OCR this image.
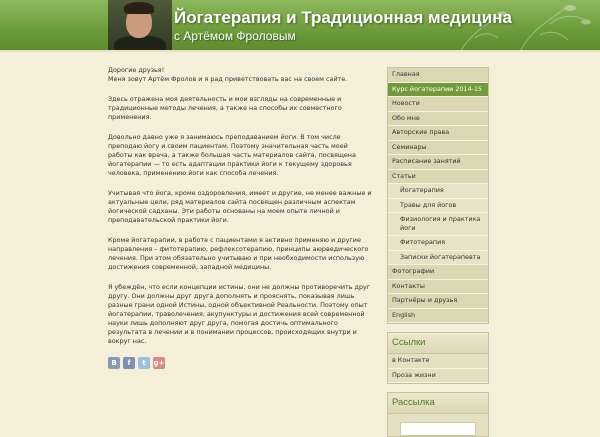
Йогатерапия и Традиционная медицина
с Артёмом Фроловым

Дорогие друзья!
Меня зовут Артём Фролов и я рад приветствовать вас на своем сайте.

Здесь отражена моя деятельность и мои взгляды на современные и традиционные методы лечения, а также на способы их совместного применения.

Довольно давно уже я занимаюсь преподаванием йоги. В том числе преподаю йогу и своим пациентам. Поэтому значительная часть моей работы как врача, а также большая часть материалов сайта, посвящена йогатерапии — то есть адаптации практики йоги к текущему здоровья человека, применению йоги как способа лечения.

Учитывая что йога, кроме оздоровления, имеет и другие, не менее важные и актуальные цели, ряд материалов сайта посвящен различным аспектам йогической садханы. Эти работы основаны на моем опыте личной и преподавательской практики йоги.

Кроме йогатерапии, в работе с пациентами я активно применяю и другие направления – фитотерапию, рефлексотерапию, принципы аюрведического лечения. При этом обязательно учитываю и при необходимости использую достижения современной, западной медицины.

Я убеждён, что если концепции истины, они не должны противоречить друг другу. Они должны друг друга дополнять и прояснять, показывая лишь разные грани одной Истины, одной объективной Реальности. Поэтому опыт йогатерапии, траволечения, акупунктуры и достижения всей современной науки лишь дополняют друг друга, помогая достичь оптимального результата в лечении и в понимании процессов, происходящих внутри и вокруг нас.

В	f	t	g+
Главная
Курс йогатерапии 2014-15
Новости
Обо мне
Авторские права
Семинары
Расписание занятий
Статьи
Йогатерапия
Травы для йогов
Физиология и практика йоги
Фитотерапия
Записки йогатерапевта
Фотографии
Контакты
Партнёры и друзья
English
Ссылки
в Контакте
Проза жизни
Рассылка
